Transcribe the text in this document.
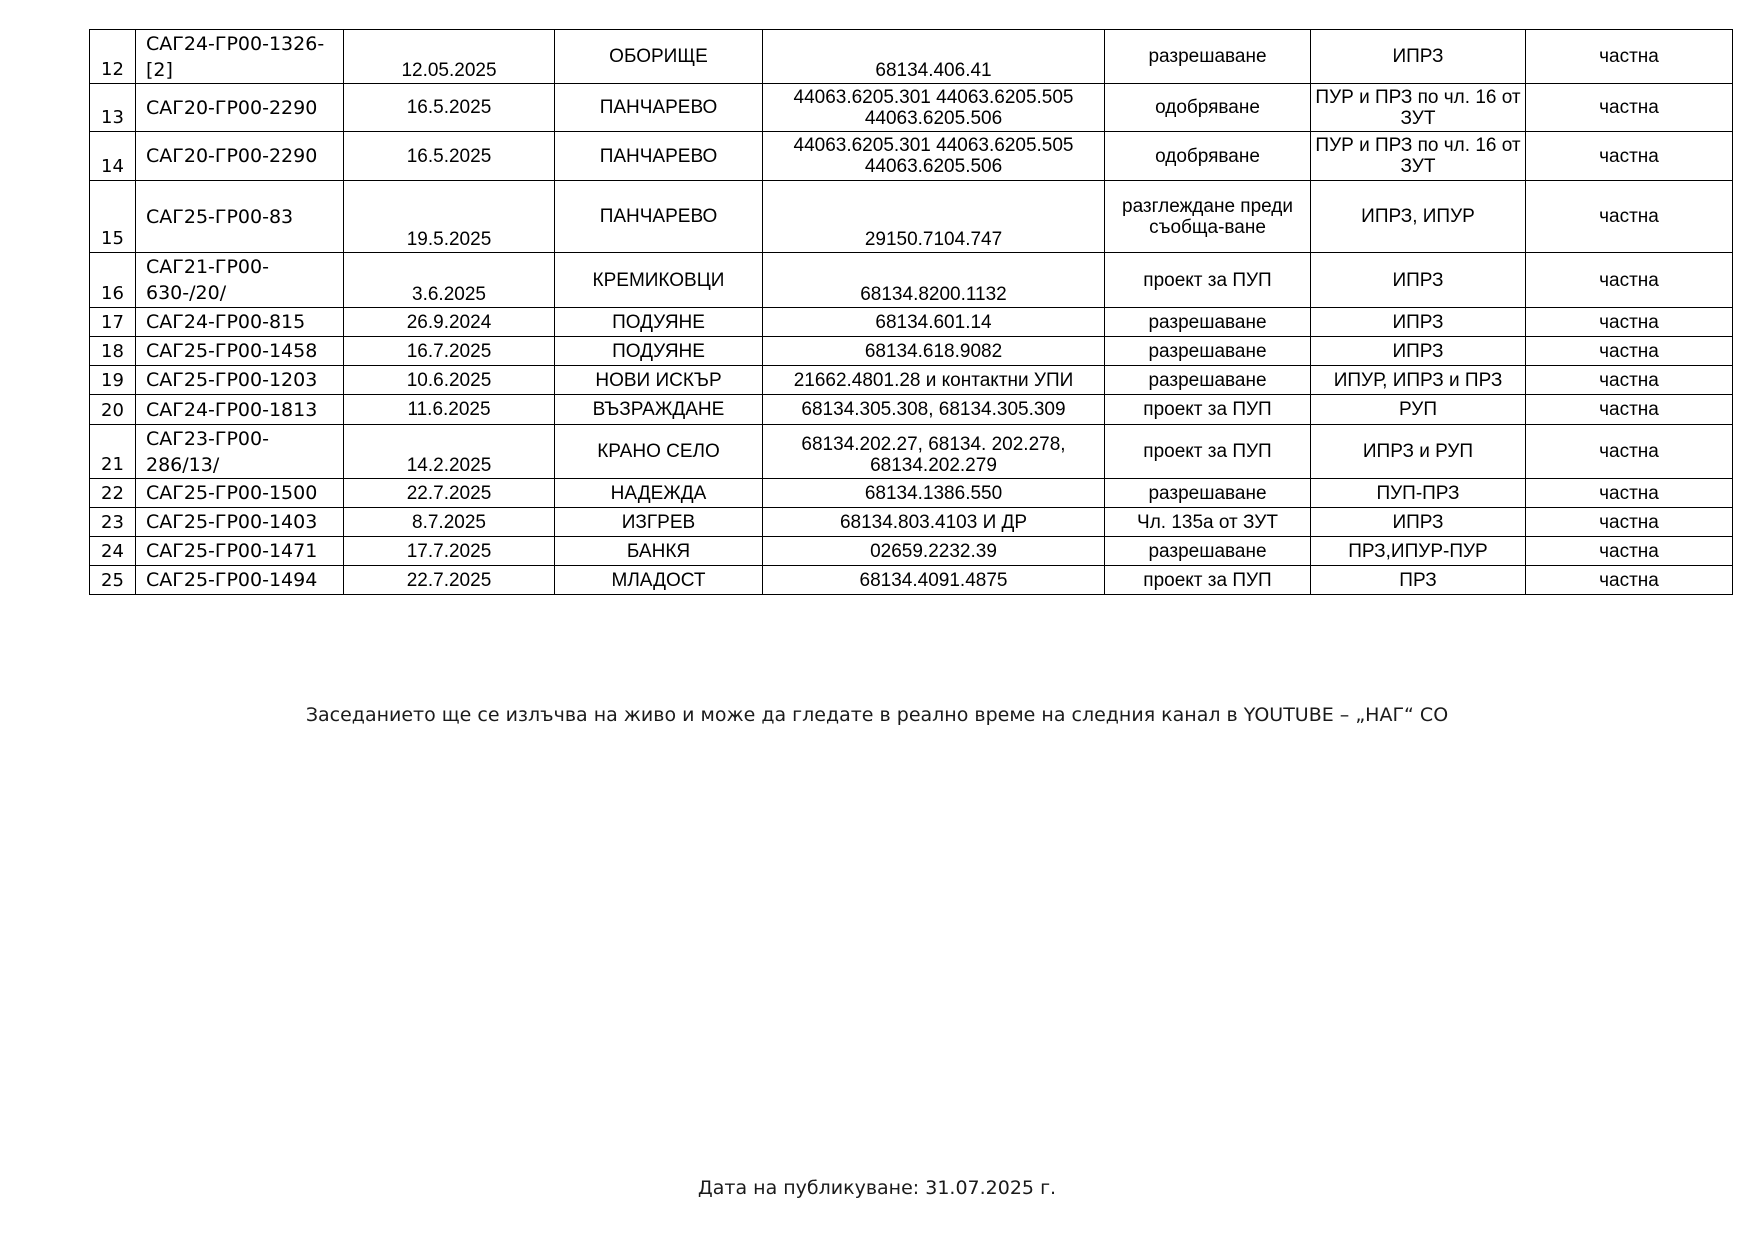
12	САГ24-ГР00-1326-[2]	12.05.2025	ОБОРИЩЕ	68134.406.41	разрешаване	ИПРЗ	частна
13	САГ20-ГР00-2290	16.5.2025	ПАНЧАРЕВО	44063.6205.301 44063.6205.505 44063.6205.506	одобряване	ПУР и ПРЗ по чл. 16 от ЗУТ	частна
14	САГ20-ГР00-2290	16.5.2025	ПАНЧАРЕВО	44063.6205.301 44063.6205.505 44063.6205.506	одобряване	ПУР и ПРЗ по чл. 16 от ЗУТ	частна
15	САГ25-ГР00-83	19.5.2025	ПАНЧАРЕВО	29150.7104.747	разглеждане преди съобща-ване	ИПРЗ, ИПУР	частна
16	САГ21-ГР00-630-/20/	3.6.2025	КРЕМИКОВЦИ	68134.8200.1132	проект за ПУП	ИПРЗ	частна
17	САГ24-ГР00-815	26.9.2024	ПОДУЯНЕ	68134.601.14	разрешаване	ИПРЗ	частна
18	САГ25-ГР00-1458	16.7.2025	ПОДУЯНЕ	68134.618.9082	разрешаване	ИПРЗ	частна
19	САГ25-ГР00-1203	10.6.2025	НОВИ ИСКЪР	21662.4801.28 и контактни УПИ	разрешаване	ИПУР, ИПРЗ и ПРЗ	частна
20	САГ24-ГР00-1813	11.6.2025	ВЪЗРАЖДАНЕ	68134.305.308, 68134.305.309	проект за ПУП	РУП	частна
21	САГ23-ГР00-286/13/	14.2.2025	КРАНО СЕЛО	68134.202.27, 68134. 202.278, 68134.202.279	проект за ПУП	ИПРЗ и РУП	частна
22	САГ25-ГР00-1500	22.7.2025	НАДЕЖДА	68134.1386.550	разрешаване	ПУП-ПРЗ	частна
23	САГ25-ГР00-1403	8.7.2025	ИЗГРЕВ	68134.803.4103 И ДР	Чл. 135а от ЗУТ	ИПРЗ	частна
24	САГ25-ГР00-1471	17.7.2025	БАНКЯ	02659.2232.39	разрешаване	ПРЗ,ИПУР-ПУР	частна
25	САГ25-ГР00-1494	22.7.2025	МЛАДОСТ	68134.4091.4875	проект за ПУП	ПРЗ	частна
Заседанието ще се излъчва на живо и може да гледате в реално време на следния канал в YOUTUBE – „НАГ“ СО
Дата на публикуване: 31.07.2025 г.
